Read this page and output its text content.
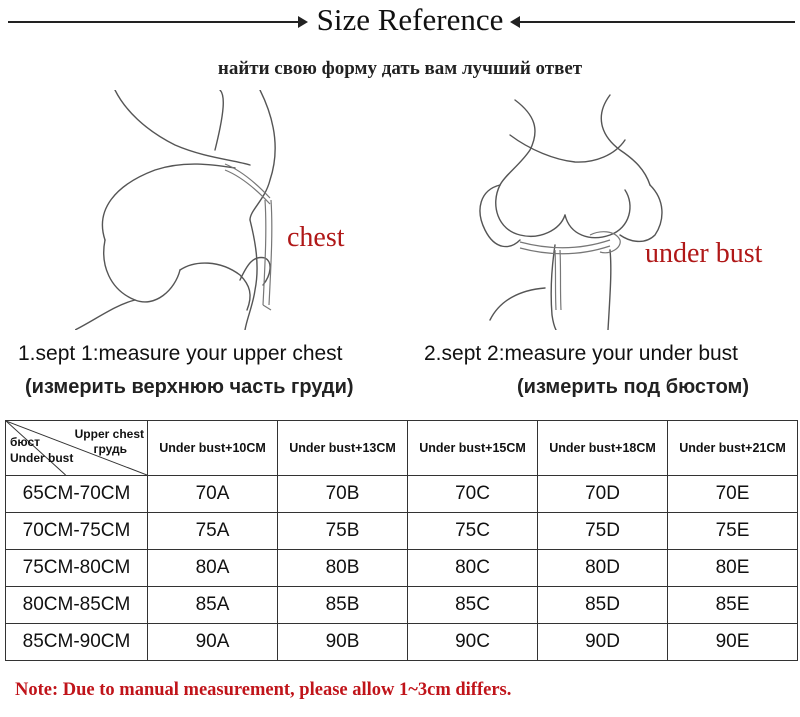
Size Reference
найти свою форму дать вам лучший ответ
chest
under bust
1.sept 1:measure your upper chest
(измерить верхнюю часть груди)
2.sept 2:measure your under bust
(измерить под бюстом)
Upper chest
грудь
бюст
Under bust	Under bust+10CM	Under bust+13CM	Under bust+15CM	Under bust+18CM	Under bust+21CM
65CM-70CM	70A	70B	70C	70D	70E
70CM-75CM	75A	75B	75C	75D	75E
75CM-80CM	80A	80B	80C	80D	80E
80CM-85CM	85A	85B	85C	85D	85E
85CM-90CM	90A	90B	90C	90D	90E
Note: Due to manual measurement, please allow 1~3cm differs.
